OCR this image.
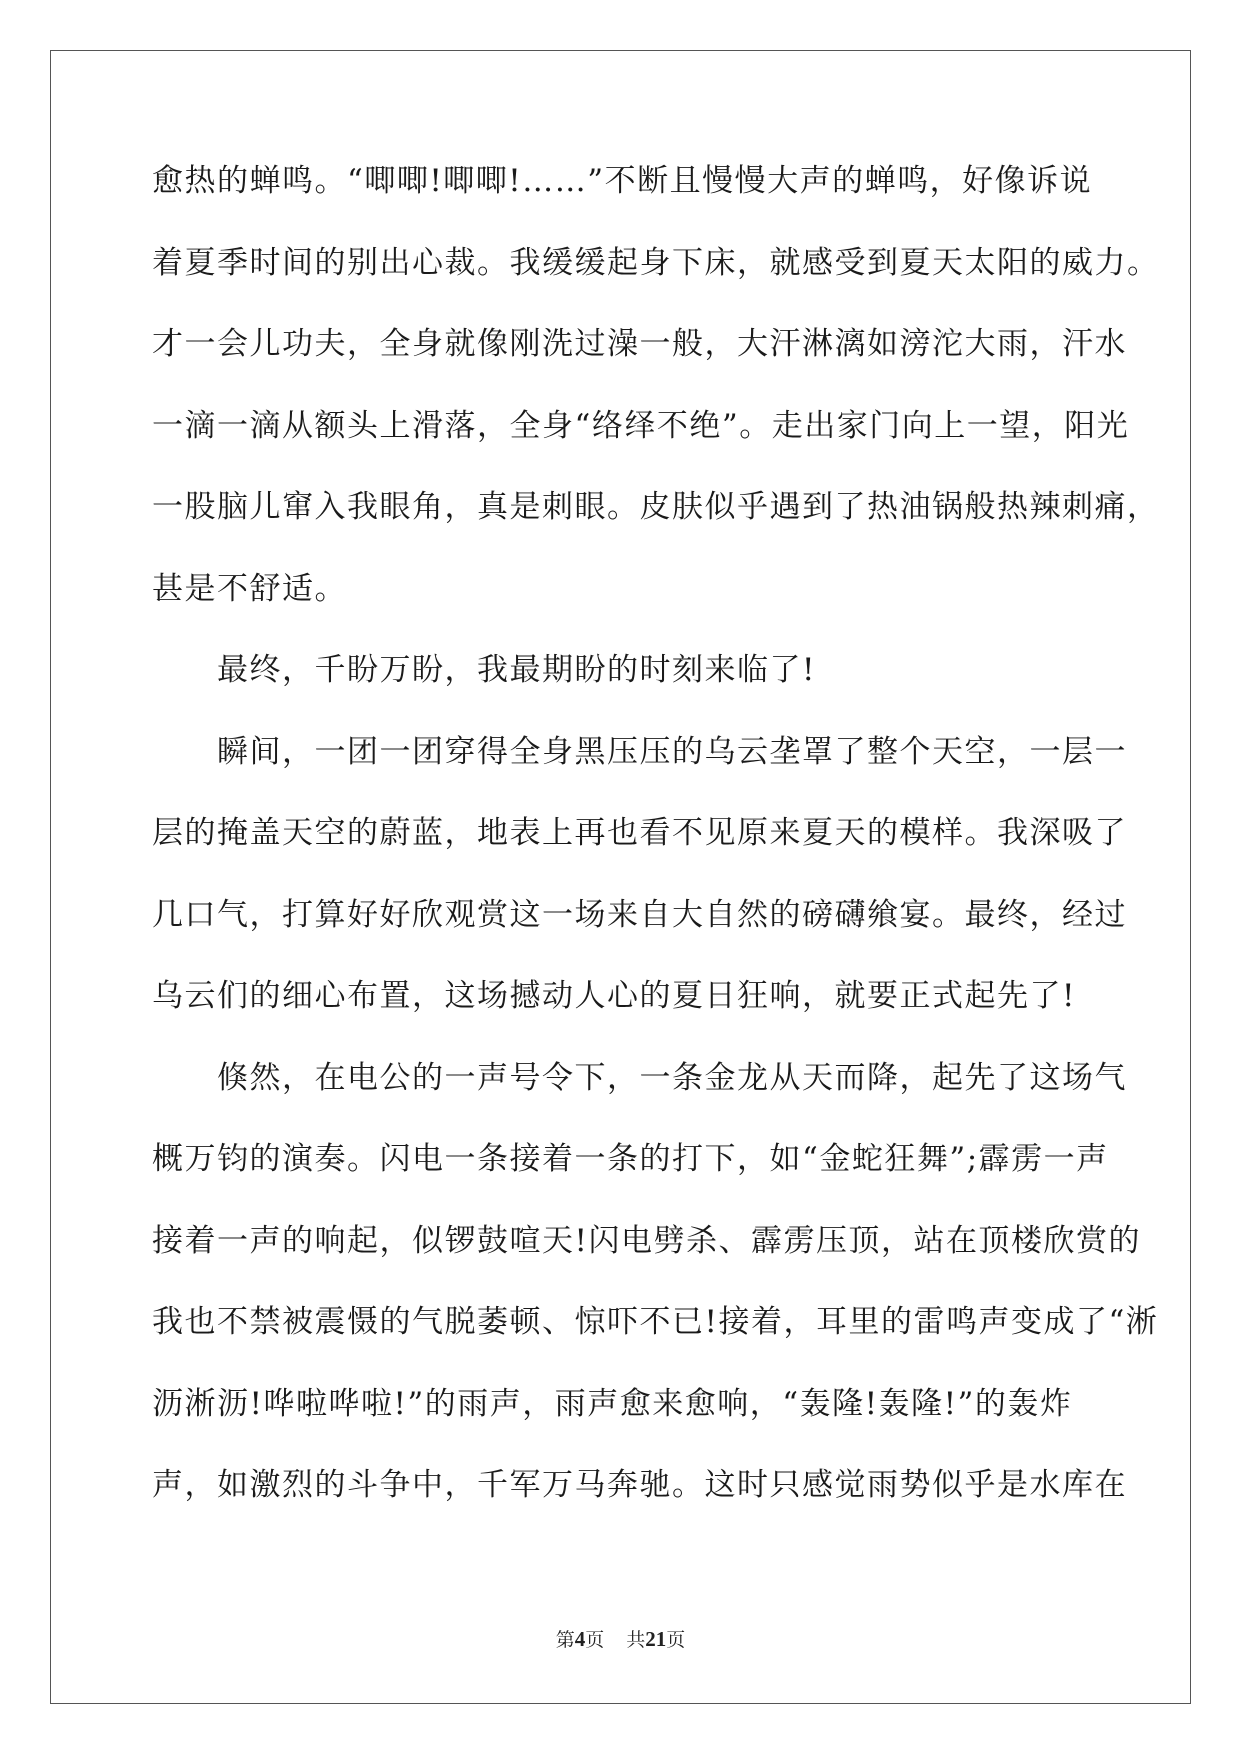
愈热的蝉鸣。“唧唧!唧唧!……”不断且慢慢大声的蝉鸣，好像诉说
着夏季时间的别出心裁。我缓缓起身下床，就感受到夏天太阳的威力。
才一会儿功夫，全身就像刚洗过澡一般，大汗淋漓如滂沱大雨，汗水
一滴一滴从额头上滑落，全身“络绎不绝”。走出家门向上一望，阳光
一股脑儿窜入我眼角，真是刺眼。皮肤似乎遇到了热油锅般热辣刺痛，
甚是不舒适。
最终，千盼万盼，我最期盼的时刻来临了!
瞬间，一团一团穿得全身黑压压的乌云垄罩了整个天空，一层一
层的掩盖天空的蔚蓝，地表上再也看不见原来夏天的模样。我深吸了
几口气，打算好好欣观赏这一场来自大自然的磅礴飨宴。最终，经过
乌云们的细心布置，这场撼动人心的夏日狂响，就要正式起先了!
倏然，在电公的一声号令下，一条金龙从天而降，起先了这场气
概万钧的演奏。闪电一条接着一条的打下，如“金蛇狂舞”;霹雳一声
接着一声的响起，似锣鼓喧天!闪电劈杀、霹雳压顶，站在顶楼欣赏的
我也不禁被震慑的气脱萎顿、惊吓不已!接着，耳里的雷鸣声变成了“淅
沥淅沥!哗啦哗啦!”的雨声，雨声愈来愈响，“轰隆!轰隆!”的轰炸
声，如激烈的斗争中，千军万马奔驰。这时只感觉雨势似乎是水库在
第4页 共21页
